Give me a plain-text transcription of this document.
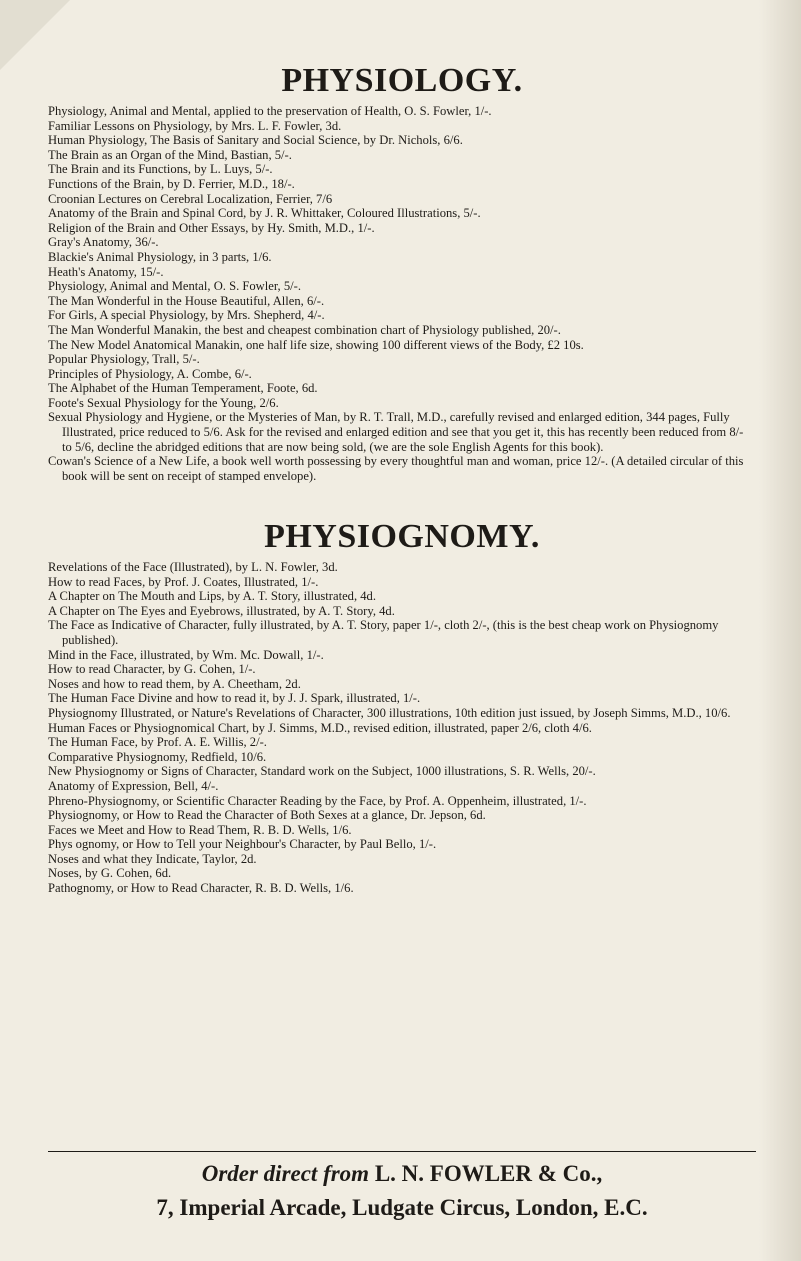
PHYSIOLOGY.
Physiology, Animal and Mental, applied to the preservation of Health, O. S. Fowler, 1/-.
Familiar Lessons on Physiology, by Mrs. L. F. Fowler, 3d.
Human Physiology, The Basis of Sanitary and Social Science, by Dr. Nichols, 6/6.
The Brain as an Organ of the Mind, Bastian, 5/-.
The Brain and its Functions, by L. Luys, 5/-.
Functions of the Brain, by D. Ferrier, M.D., 18/-.
Croonian Lectures on Cerebral Localization, Ferrier, 7/6
Anatomy of the Brain and Spinal Cord, by J. R. Whittaker, Coloured Illustrations, 5/-.
Religion of the Brain and Other Essays, by Hy. Smith, M.D., 1/-.
Gray's Anatomy, 36/-.
Blackie's Animal Physiology, in 3 parts, 1/6.
Heath's Anatomy, 15/-.
Physiology, Animal and Mental, O. S. Fowler, 5/-.
The Man Wonderful in the House Beautiful, Allen, 6/-.
For Girls, A special Physiology, by Mrs. Shepherd, 4/-.
The Man Wonderful Manakin, the best and cheapest combination chart of Physiology published, 20/-.
The New Model Anatomical Manakin, one half life size, showing 100 different views of the Body, £2 10s.
Popular Physiology, Trall, 5/-.
Principles of Physiology, A. Combe, 6/-.
The Alphabet of the Human Temperament, Foote, 6d.
Foote's Sexual Physiology for the Young, 2/6.
Sexual Physiology and Hygiene, or the Mysteries of Man, by R. T. Trall, M.D., carefully revised and enlarged edition, 344 pages, Fully Illustrated, price reduced to 5/6. Ask for the revised and enlarged edition and see that you get it, this has recently been reduced from 8/- to 5/6, decline the abridged editions that are now being sold, (we are the sole English Agents for this book).
Cowan's Science of a New Life, a book well worth possessing by every thoughtful man and woman, price 12/-. (A detailed circular of this book will be sent on receipt of stamped envelope).
PHYSIOGNOMY.
Revelations of the Face (Illustrated), by L. N. Fowler, 3d.
How to read Faces, by Prof. J. Coates, Illustrated, 1/-.
A Chapter on The Mouth and Lips, by A. T. Story, illustrated, 4d.
A Chapter on The Eyes and Eyebrows, illustrated, by A. T. Story, 4d.
The Face as Indicative of Character, fully illustrated, by A. T. Story, paper 1/-, cloth 2/-, (this is the best cheap work on Physiognomy published).
Mind in the Face, illustrated, by Wm. Mc. Dowall, 1/-.
How to read Character, by G. Cohen, 1/-.
Noses and how to read them, by A. Cheetham, 2d.
The Human Face Divine and how to read it, by J. J. Spark, illustrated, 1/-.
Physiognomy Illustrated, or Nature's Revelations of Character, 300 illustrations, 10th edition just issued, by Joseph Simms, M.D., 10/6.
Human Faces or Physiognomical Chart, by J. Simms, M.D., revised edition, illustrated, paper 2/6, cloth 4/6.
The Human Face, by Prof. A. E. Willis, 2/-.
Comparative Physiognomy, Redfield, 10/6.
New Physiognomy or Signs of Character, Standard work on the Subject, 1000 illustrations, S. R. Wells, 20/-.
Anatomy of Expression, Bell, 4/-.
Phreno-Physiognomy, or Scientific Character Reading by the Face, by Prof. A. Oppenheim, illustrated, 1/-.
Physiognomy, or How to Read the Character of Both Sexes at a glance, Dr. Jepson, 6d.
Faces we Meet and How to Read Them, R. B. D. Wells, 1/6.
Phys ognomy, or How to Tell your Neighbour's Character, by Paul Bello, 1/-.
Noses and what they Indicate, Taylor, 2d.
Noses, by G. Cohen, 6d.
Pathognomy, or How to Read Character, R. B. D. Wells, 1/6.
Order direct from L. N. FOWLER & Co.,
7, Imperial Arcade, Ludgate Circus, London, E.C.
